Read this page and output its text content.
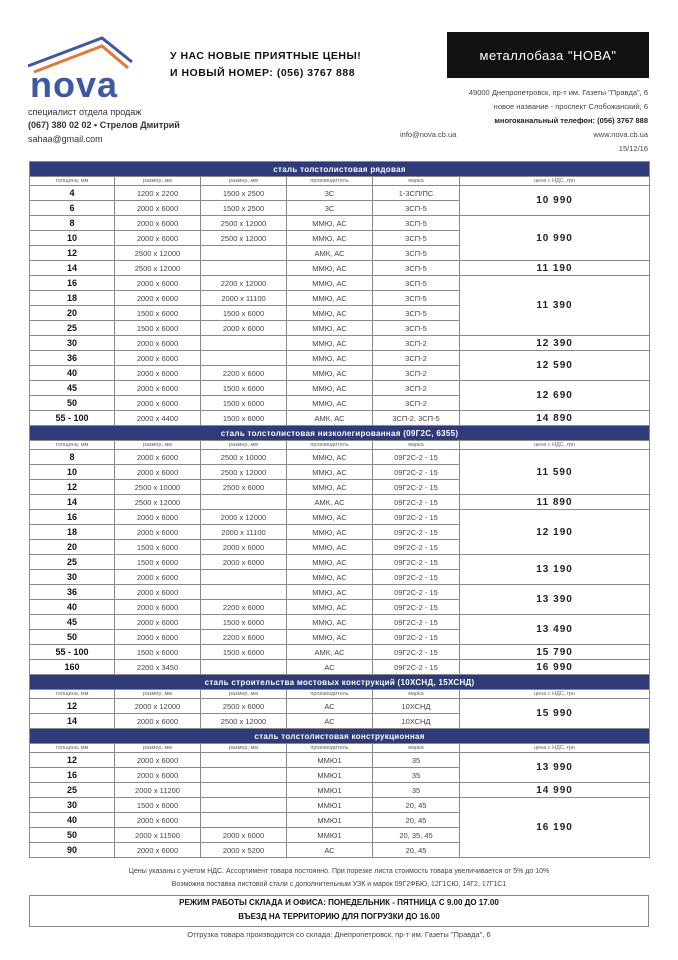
nova
специалист отдела продаж
(067) 380 02 02 • Стрелов Дмитрий
sahaa@gmail.com
У НАС НОВЫЕ ПРИЯТНЫЕ ЦЕНЫ!
И НОВЫЙ НОМЕР: (056) 3767 888
металлобаза "НОВА"
49000 Днепропетровск, пр-т им. Газеты "Правда", 6
новое название - проспект Слобожанский, 6
многоканальный телефон: (056) 3767 888
info@nova.cb.ua	www.nova.cb.ua
15/12/16
сталь толстолистовая рядовая					
толщина, мм	размер, мм	размер, мм	производитель	марка	цена с НДС, грн
4	1200 x 2200	1500 x 2500	3С	1-3СП/ПС	10 990
6	2000 x 6000	1500 x 2500	3С	3СП-5	
8	2000 x 6000	2500 x 12000	ММЮ, АС	3СП-5	10 990
10	2000 x 6000	2500 x 12000	ММЮ, АС	3СП-5	
12	2500 x 12000		АМК, АС	3СП-5	
14	2500 x 12000		ММЮ, АС	3СП-5	11 190
16	2000 x 6000	2200 x 12000	ММЮ, АС	3СП-5	11 390
18	2000 x 6000	2000 x 11100	ММЮ, АС	3СП-5	
20	1500 x 6000	1500 x 6000	ММЮ, АС	3СП-5	
25	1500 x 6000	2000 x 6000	ММЮ, АС	3СП-5	
30	2000 x 6000		ММЮ, АС	3СП-2	12 390
36	2000 x 6000		ММЮ, АС	3СП-2	12 590
40	2000 x 6000	2200 x 6000	ММЮ, АС	3СП-2	
45	2000 x 6000	1500 x 6000	ММЮ, АС	3СП-2	12 690
50	2000 x 6000	1500 x 6000	ММЮ, АС	3СП-2	
55 - 100	2000 x 4400	1500 x 6000	АМК, АС	3СП-2, 3СП-5	14 890
сталь толстолистовая низколегированная (09Г2С, 6355)					
толщина, мм	размер, мм	размер, мм	производитель	марка	цена с НДС, грн
8	2000 x 6000	2500 x 10000	ММЮ, АС	09Г2С-2 - 15	11 590
10	2000 x 6000	2500 x 12000	ММЮ, АС	09Г2С-2 - 15	
12	2500 x 10000	2500 x 6000	ММЮ, АС	09Г2С-2 - 15	
14	2500 x 12000		АМК, АС	09Г2С-2 - 15	11 890
16	2000 x 6000	2000 x 12000	ММЮ, АС	09Г2С-2 - 15	12 190
18	2000 x 6000	2000 x 11100	ММЮ, АС	09Г2С-2 - 15	
20	1500 x 6000	2000 x 6000	ММЮ, АС	09Г2С-2 - 15	
25	1500 x 6000	2000 x 6000	ММЮ, АС	09Г2С-2 - 15	13 190
30	2000 x 6000		ММЮ, АС	09Г2С-2 - 15	
36	2000 x 6000		ММЮ, АС	09Г2С-2 - 15	13 390
40	2000 x 6000	2200 x 6000	ММЮ, АС	09Г2С-2 - 15	
45	2000 x 6000	1500 x 6000	ММЮ, АС	09Г2С-2 - 15	13 490
50	2000 x 6000	2200 x 6000	ММЮ, АС	09Г2С-2 - 15	
55 - 100	1500 x 6000	1500 x 6000	АМК, АС	09Г2С-2 - 15	15 790
160	2200 x 3450		АС	09Г2С-2 - 15	16 990
сталь строительства мостовых конструкций (10ХСНД, 15ХСНД)					
толщина, мм	размер, мм	размер, мм	производитель	марка	цена с НДС, грн
12	2000 x 12000	2500 x 6000	АС	10ХСНД	15 990
14	2000 x 6000	2500 x 12000	АС	10ХСНД	
сталь толстолистовая конструкционная					
толщина, мм	размер, мм	размер, мм	производитель	марка	цена с НДС, грн
12	2000 x 6000		ММЮ1	35	13 990
16	2000 x 6000		ММЮ1	35	
25	2000 x 11200		ММЮ1	35	14 990
30	1500 x 6000		ММЮ1	20, 45	16 190
40	2000 x 6000		ММЮ1	20, 45	
50	2000 x 11500	2000 x 6000	ММЮ1	20, 35, 45	
90	2000 x 6000	2000 x 5200	АС	20, 45	
Цены указаны с учетом НДС. Ассортимент товара постоянно. При порезке листа стоимость товара увеличивается от 5% до 10%
Возможна поставка листовой стали с дополнительным УЗК и марок 09Г2ФБЮ, 12Г1СЮ, 14Г2, 17Г1С1
РЕЖИМ РАБОТЫ СКЛАДА И ОФИСА: ПОНЕДЕЛЬНИК - ПЯТНИЦА С 9.00 ДО 17.00
ВЪЕЗД НА ТЕРРИТОРИЮ ДЛЯ ПОГРУЗКИ ДО 16.00
Отгрузка товара производится со склада: Днепропетровск, пр-т им. Газеты "Правда", 6
